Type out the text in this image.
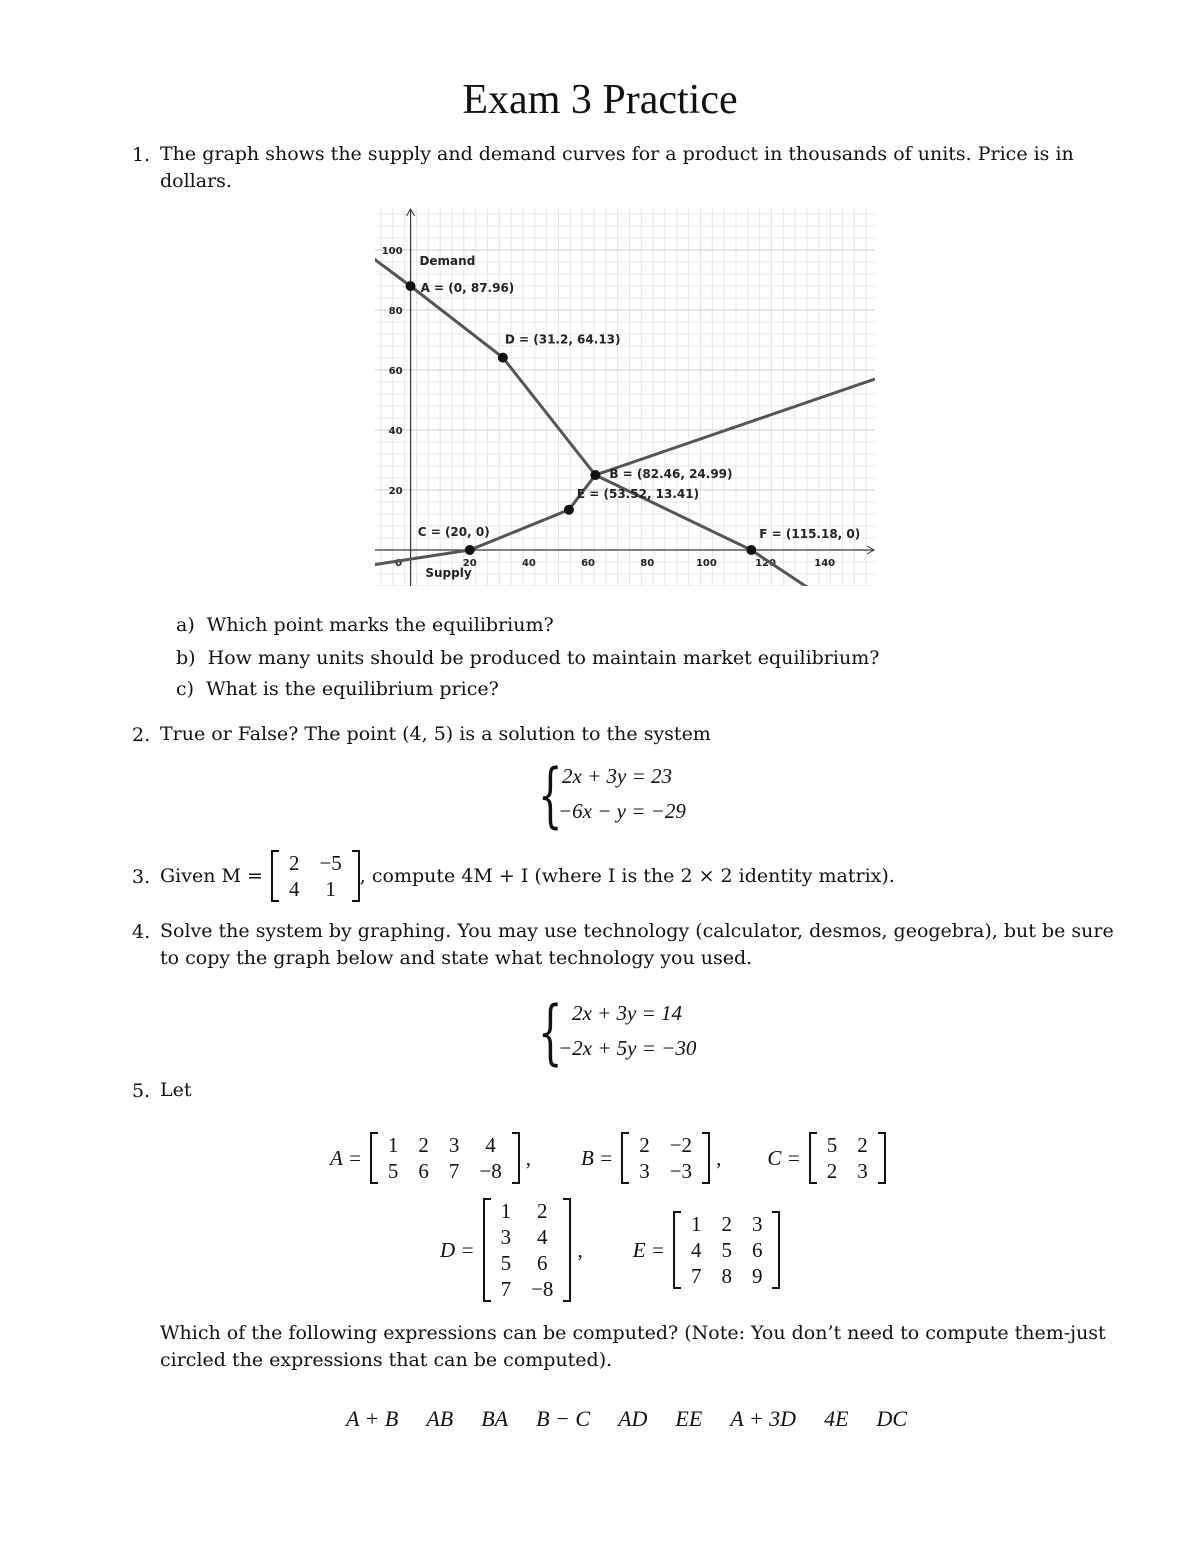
Exam 3 Practice
1. The graph shows the supply and demand curves for a product in thousands of units. Price is in
dollars.
0	20	40	60	80	100	120	140
20
40
60
80
100
A = (0, 87.96)
D = (31.2, 64.13)
B = (82.46, 24.99)
E = (53.52, 13.41)
C = (20, 0)	F = (115.18, 0)
Demand
Supply
a) Which point marks the equilibrium?
b) How many units should be produced to maintain market equilibrium?
c) What is the equilibrium price?
2. True or False? The point (4, 5) is a solution to the system
{ 2x + 3y = 23
−6x − y = −29
3. Given M =
2	−5
4	1
, compute 4M + I (where I is the 2 × 2 identity matrix).
4. Solve the system by graphing. You may use technology (calculator, desmos, geogebra), but be sure
to copy the graph below and state what technology you used.
{ 2x + 3y = 14
−2x + 5y = −30
5. Let
A =
1	2	3	4
5	6	7	−8
, B =
2	−2
3	−3
, C =
5	2
2	3
D =
1	2
3	4
5	6
7	−8
, E =
1	2	3
4	5	6
7	8	9
Which of the following expressions can be computed? (Note: You don’t need to compute them-just
circled the expressions that can be computed).
A + B AB BA B − C AD EE A + 3D 4E DC
